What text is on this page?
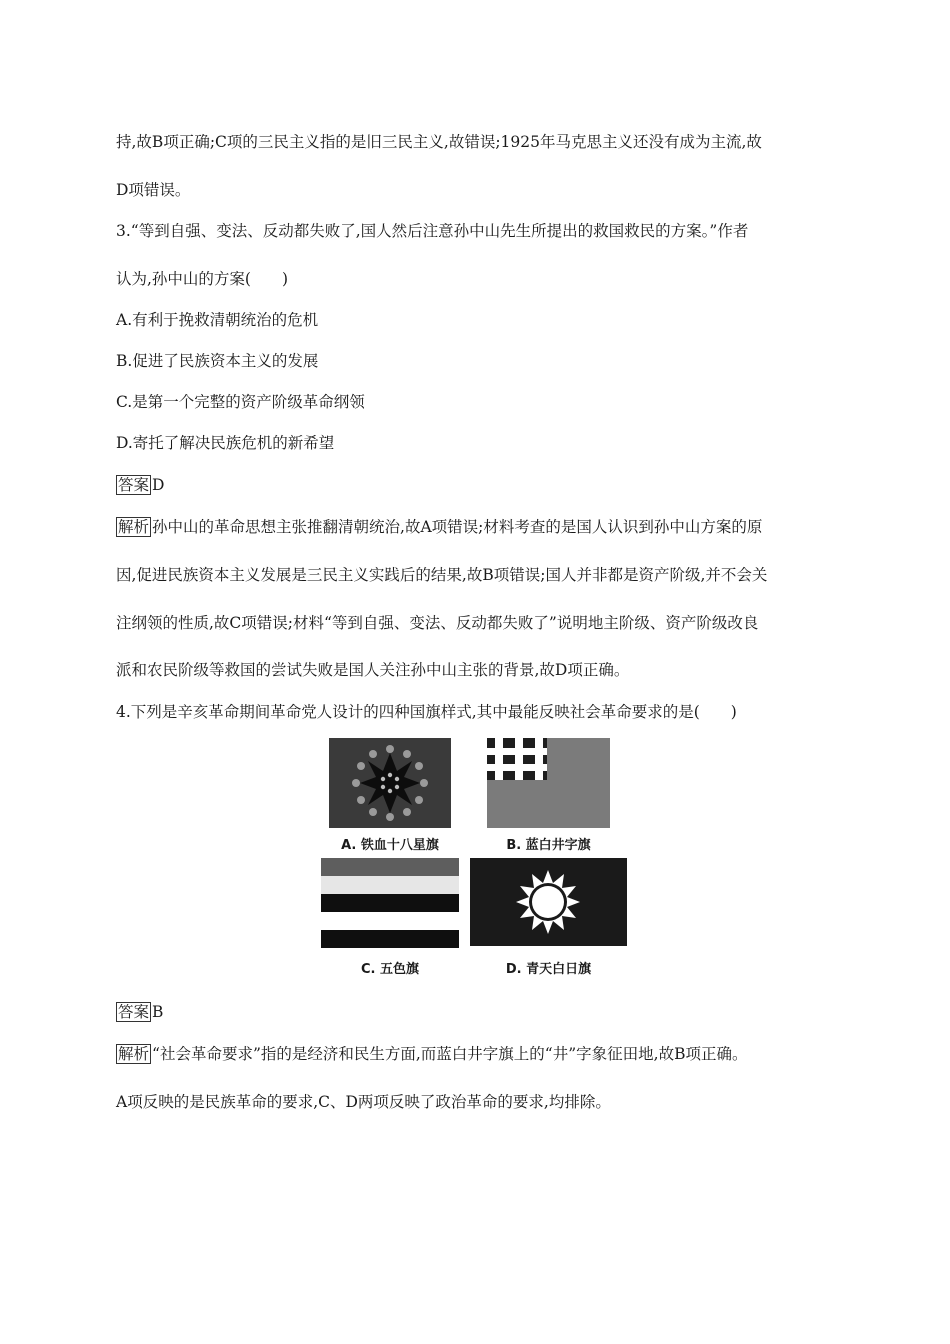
持,故B项正确;C项的三民主义指的是旧三民主义,故错误;1925年马克思主义还没有成为主流,故
D项错误。
3.“等到自强、变法、反动都失败了,国人然后注意孙中山先生所提出的救国救民的方案。”作者
认为,孙中山的方案(　　)
A.有利于挽救清朝统治的危机
B.促进了民族资本主义的发展
C.是第一个完整的资产阶级革命纲领
D.寄托了解决民族危机的新希望
答案 D
解析 孙中山的革命思想主张推翻清朝统治,故A项错误;材料考查的是国人认识到孙中山方案的原
因,促进民族资本主义发展是三民主义实践后的结果,故B项错误;国人并非都是资产阶级,并不会关
注纲领的性质,故C项错误;材料“等到自强、变法、反动都失败了”说明地主阶级、资产阶级改良
派和农民阶级等救国的尝试失败是国人关注孙中山主张的背景,故D项正确。
4.下列是辛亥革命期间革命党人设计的四种国旗样式,其中最能反映社会革命要求的是(　　)
A. 铁血十八星旗	B. 蓝白井字旗
C. 五色旗	D. 青天白日旗
答案 B
解析 “社会革命要求”指的是经济和民生方面,而蓝白井字旗上的“井”字象征田地,故B项正确。
A项反映的是民族革命的要求,C、D两项反映了政治革命的要求,均排除。
